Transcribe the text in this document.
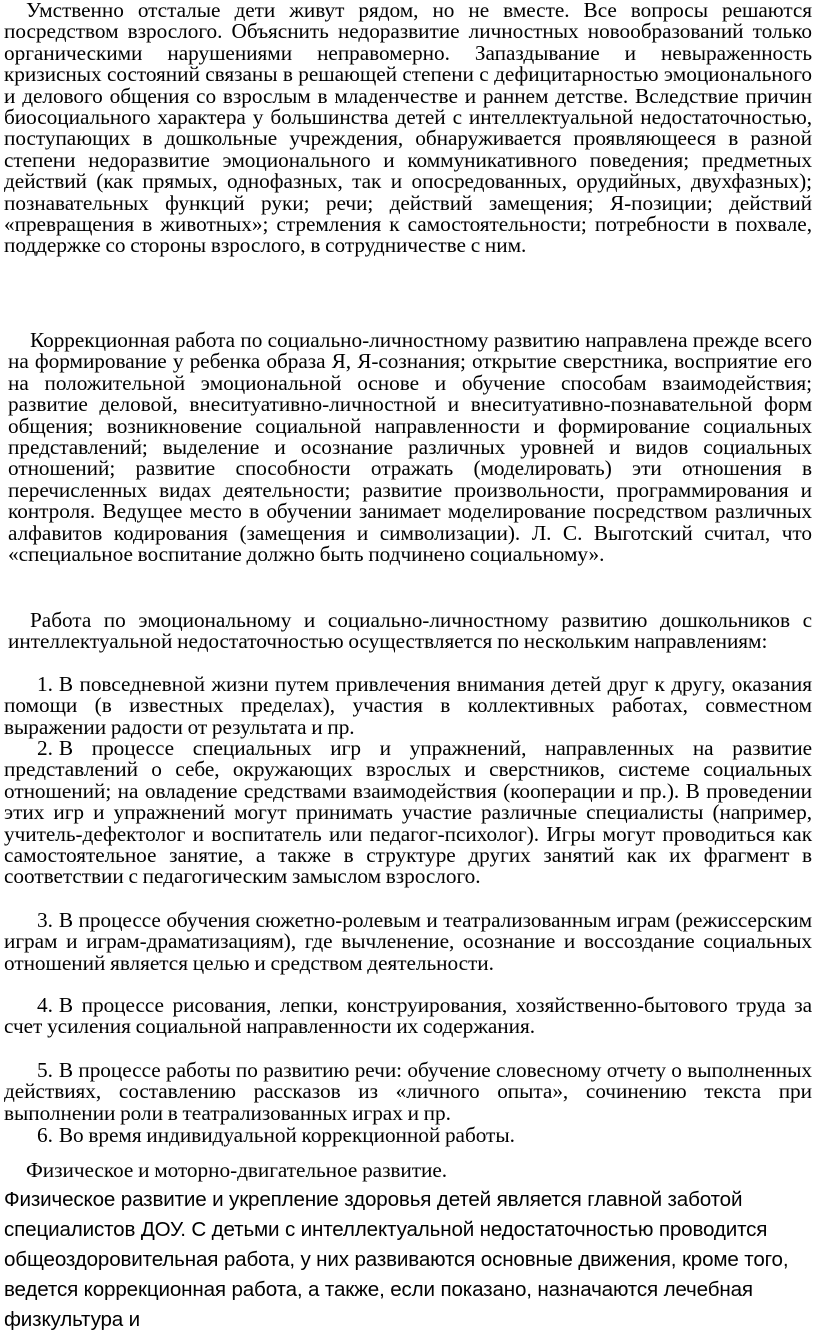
Умственно отсталые дети живут рядом, но не вместе. Все вопросы решаются посредством взрослого. Объяснить недоразвитие личностных новообразований только органическими нарушениями неправомерно. Запаздывание и невыраженность кризисных состояний связаны в решающей степени с дефицитарностью эмоционального и делового общения со взрослым в младенчестве и раннем детстве. Вследствие причин биосоциального характера у большинства детей с интеллектуальной недостаточностью, поступающих в дошкольные учреждения, обнаруживается проявляющееся в разной степени недоразвитие эмоционального и коммуникативного поведения; предметных действий (как прямых, однофазных, так и опосредованных, орудийных, двухфазных); познавательных функций руки; речи; действий замещения; Я-позиции; действий «превращения в животных»; стремления к самостоятельности; потребности в похвале, поддержке со стороны взрослого, в сотрудничестве с ним.

Коррекционная работа по социально-личностному развитию направлена прежде всего на формирование у ребенка образа Я, Я-сознания; открытие сверстника, восприятие его на положительной эмоциональной основе и обучение способам взаимодействия; развитие деловой, внеситуативно-личностной и внеситуативно-познавательной форм общения; возникновение социальной направленности и формирование социальных представлений; выделение и осознание различных уровней и видов социальных отношений; развитие способности отражать (моделировать) эти отношения в перечисленных видах деятельности; развитие произвольности, программирования и контроля. Ведущее место в обучении занимает моделирование посредством различных алфавитов кодирования (замещения и символизации). Л. С. Выготский считал, что «специальное воспитание должно быть подчинено социальному».

Работа по эмоциональному и социально-личностному развитию дошкольников с интеллектуальной недостаточностью осуществляется по нескольким направлениям:

1. В повседневной жизни путем привлечения внимания детей друг к другу, оказания помощи (в известных пределах), участия в коллективных работах, совместном выражении радости от результата и пр.

2. В процессе специальных игр и упражнений, направленных на развитие представлений о себе, окружающих взрослых и сверстников, системе социальных отношений; на овладение средствами взаимодействия (кооперации и пр.). В проведении этих игр и упражнений могут принимать участие различные специалисты (например, учитель-дефектолог и воспитатель или педагог-психолог). Игры могут проводиться как самостоятельное занятие, а также в структуре других занятий как их фрагмент в соответствии с педагогическим замыслом взрослого.

3. В процессе обучения сюжетно-ролевым и театрализованным играм (режиссерским играм и играм-драматизациям), где вычленение, осознание и воссоздание социальных отношений является целью и средством деятельности.

4. В процессе рисования, лепки, конструирования, хозяйственно-бытового труда за счет усиления социальной направленности их содержания.

5. В процессе работы по развитию речи: обучение словесному отчету о выполненных действиях, составлению рассказов из «личного опыта», сочинению текста при выполнении роли в театрализованных играх и пр.

6. Во время индивидуальной коррекционной работы.

Физическое и моторно-двигательное развитие.

Физическое развитие и укрепление здоровья детей является главной заботой специалистов ДОУ. С детьми с интеллектуальной недостаточностью проводится общеоздоровительная работа, у них развиваются основные движения, кроме того, ведется коррекционная работа, а также, если показано, назначаются лечебная физкультура и
